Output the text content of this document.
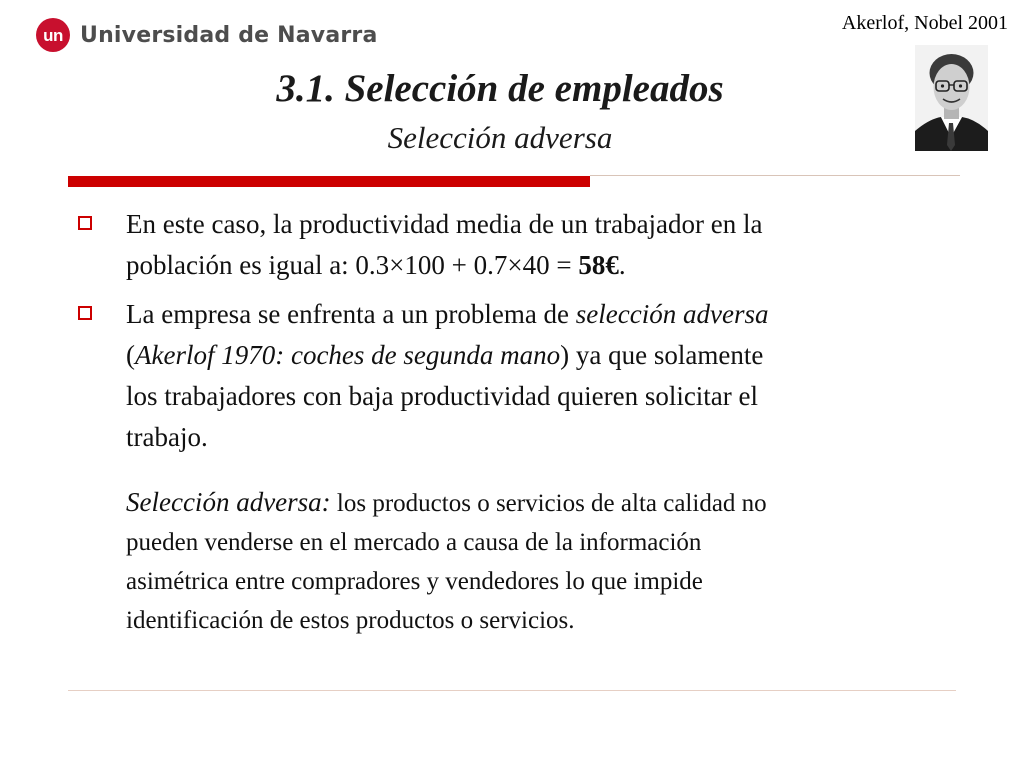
un Universidad de Navarra	Akerlof, Nobel 2001
3.1. Selección de empleados
Selección adversa
En este caso, la productividad media de un trabajador en la
población es igual a: 0.3×100 + 0.7×40 = 58€.
La empresa se enfrenta a un problema de selección adversa
(Akerlof 1970: coches de segunda mano) ya que solamente
los trabajadores con baja productividad quieren solicitar el
trabajo.
Selección adversa: los productos o servicios de alta calidad no
pueden venderse en el mercado a causa de la información
asimétrica entre compradores y vendedores lo que impide
identificación de estos productos o servicios.
